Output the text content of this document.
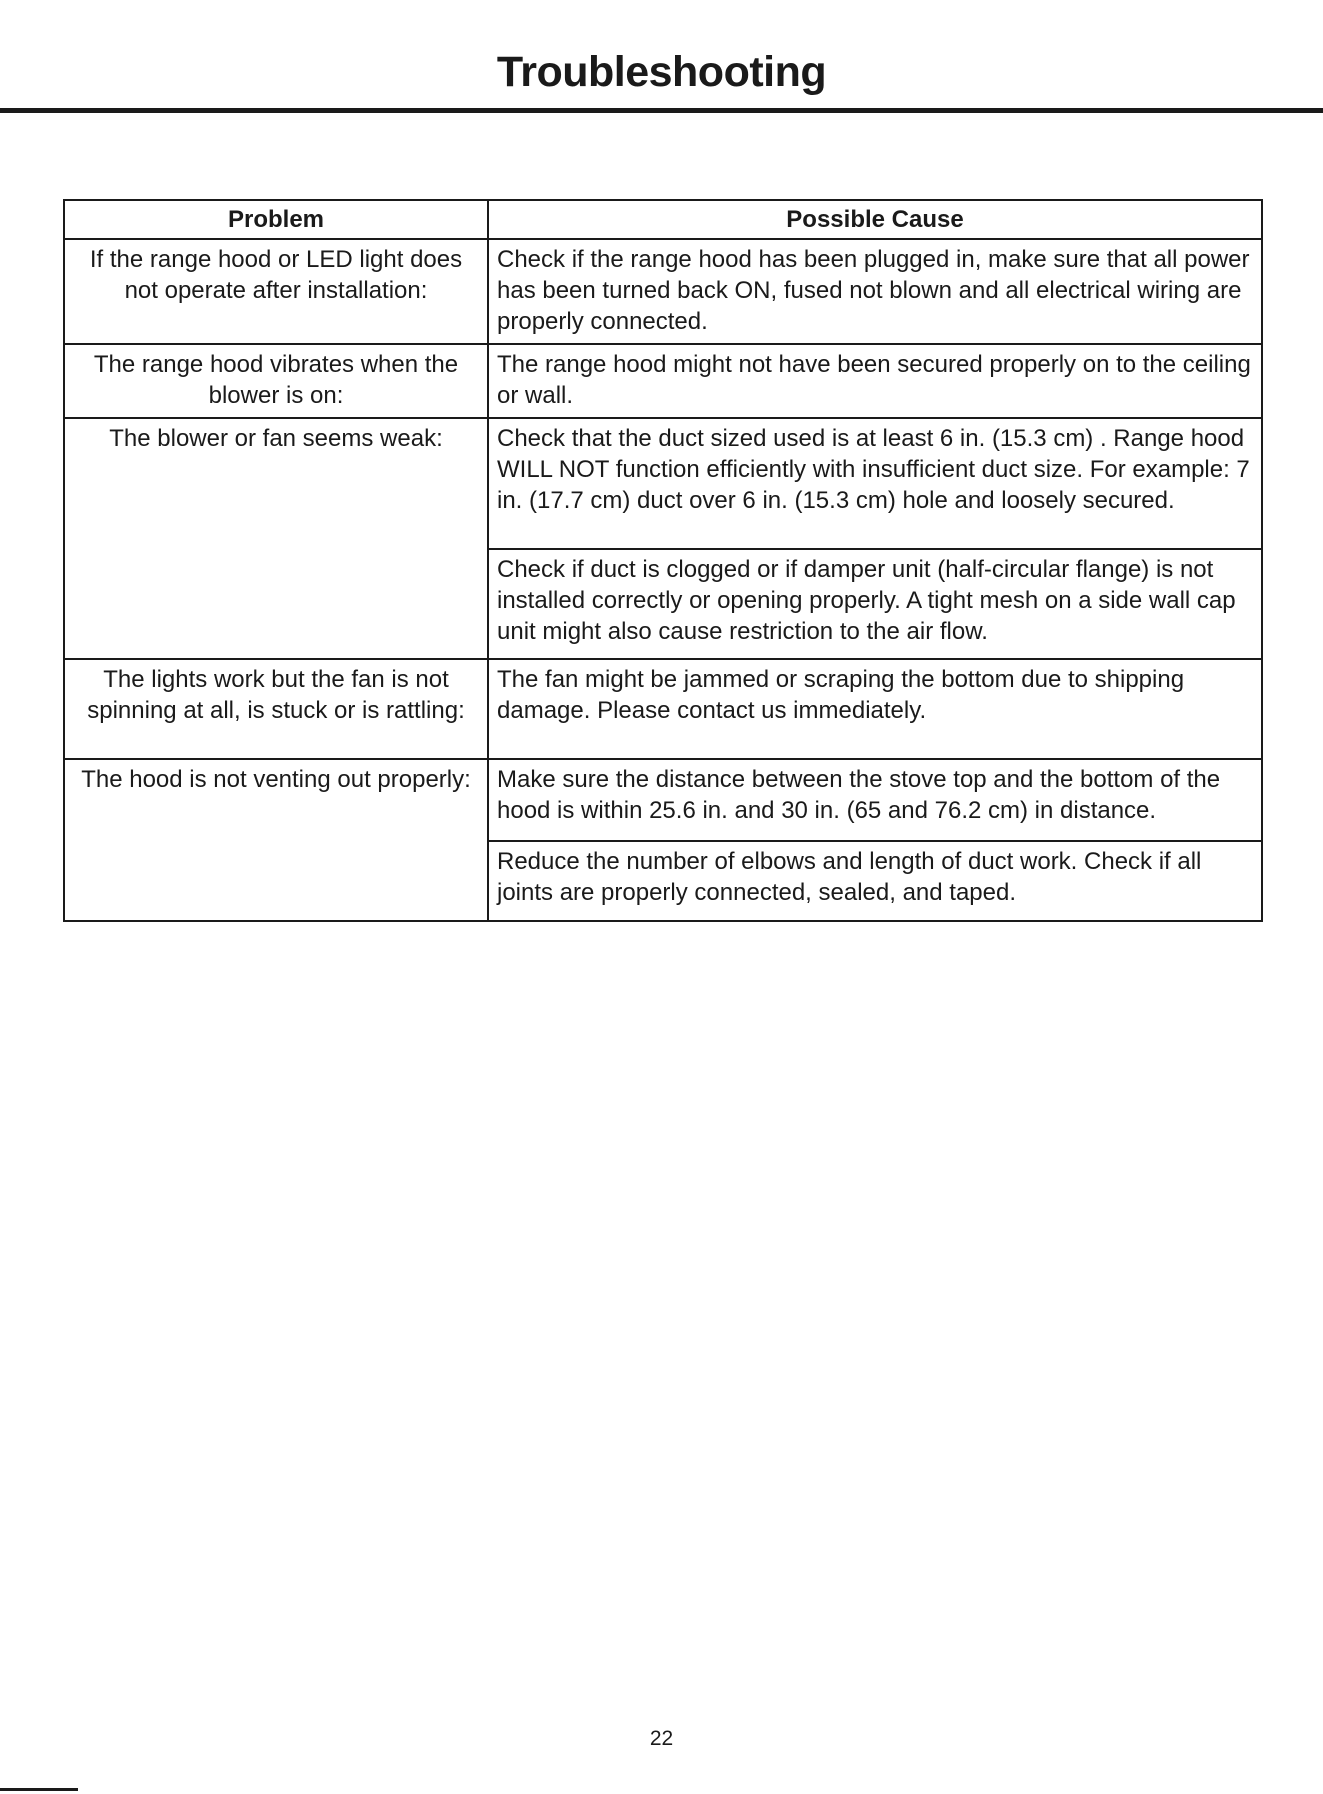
Troubleshooting
Problem	Possible Cause
If the range hood or LED light does not operate after installation:	Check if the range hood has been plugged in, make sure that all power has been turned back ON, fused not blown and all electrical wiring are properly connected.
The range hood vibrates when the blower is on:	The range hood might not have been secured properly on to the ceiling or wall.
The blower or fan seems weak:	Check that the duct sized used is at least 6 in. (15.3 cm) . Range hood WILL NOT function efficiently with insufficient duct size. For example: 7 in. (17.7 cm) duct over 6 in. (15.3 cm) hole and loosely secured.
	Check if duct is clogged or if damper unit (half-circular flange) is not installed correctly or opening properly. A tight mesh on a side wall cap unit might also cause restriction to the air flow.
The lights work but the fan is not spinning at all, is stuck or is rattling:	The fan might be jammed or scraping the bottom due to shipping damage. Please contact us immediately.
The hood is not venting out properly:	Make sure the distance between the stove top and the bottom of the hood is within 25.6 in. and 30 in. (65 and 76.2 cm) in distance.
	Reduce the number of elbows and length of duct work. Check if all joints are properly connected, sealed, and taped.
22
